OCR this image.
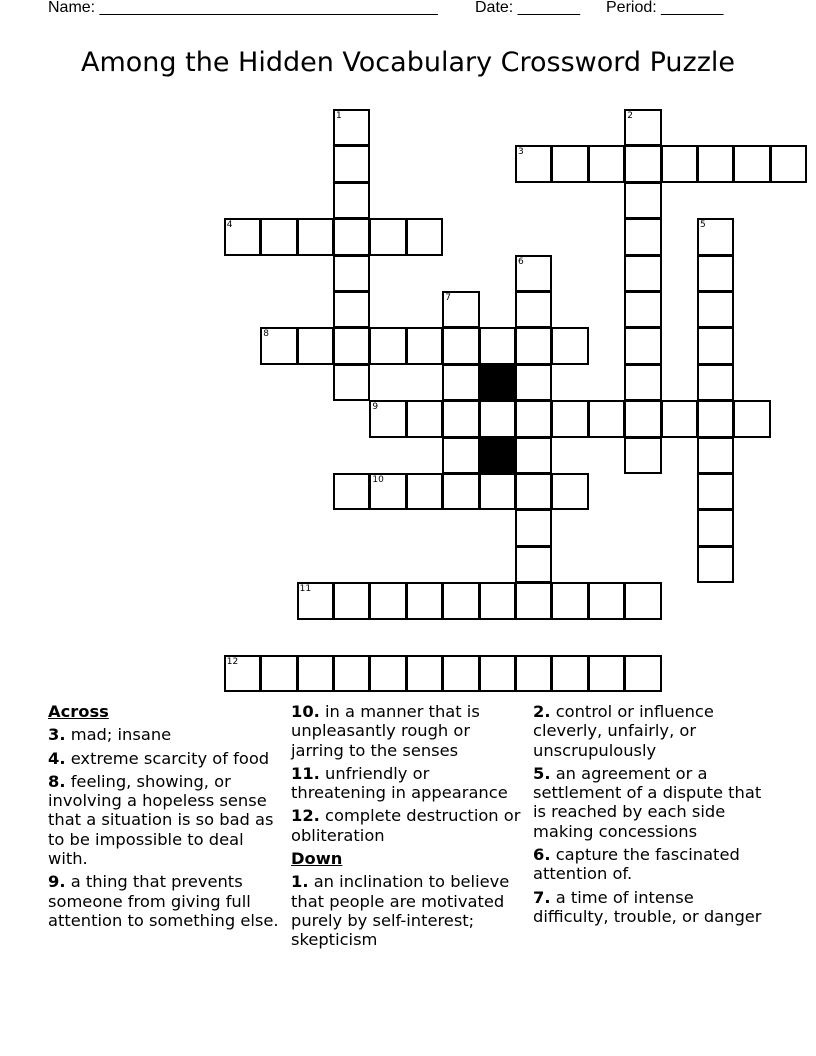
Name: ______________________________________ Date: _______ Period: _______
Among the Hidden Vocabulary Crossword Puzzle
1	2
3
4	5
6
7
8
9
10
11
12
Across
3. mad; insane
4. extreme scarcity of food
8. feeling, showing, or involving a hopeless sense that a situation is so bad as to be impossible to deal with.
9. a thing that prevents someone from giving full attention to something else.
10. in a manner that is unpleasantly rough or jarring to the senses
11. unfriendly or threatening in appearance
12. complete destruction or obliteration
Down
1. an inclination to believe that people are motivated purely by self-interest; skepticism
2. control or influence cleverly, unfairly, or unscrupulously
5. an agreement or a settlement of a dispute that is reached by each side making concessions
6. capture the fascinated attention of.
7. a time of intense difficulty, trouble, or danger
